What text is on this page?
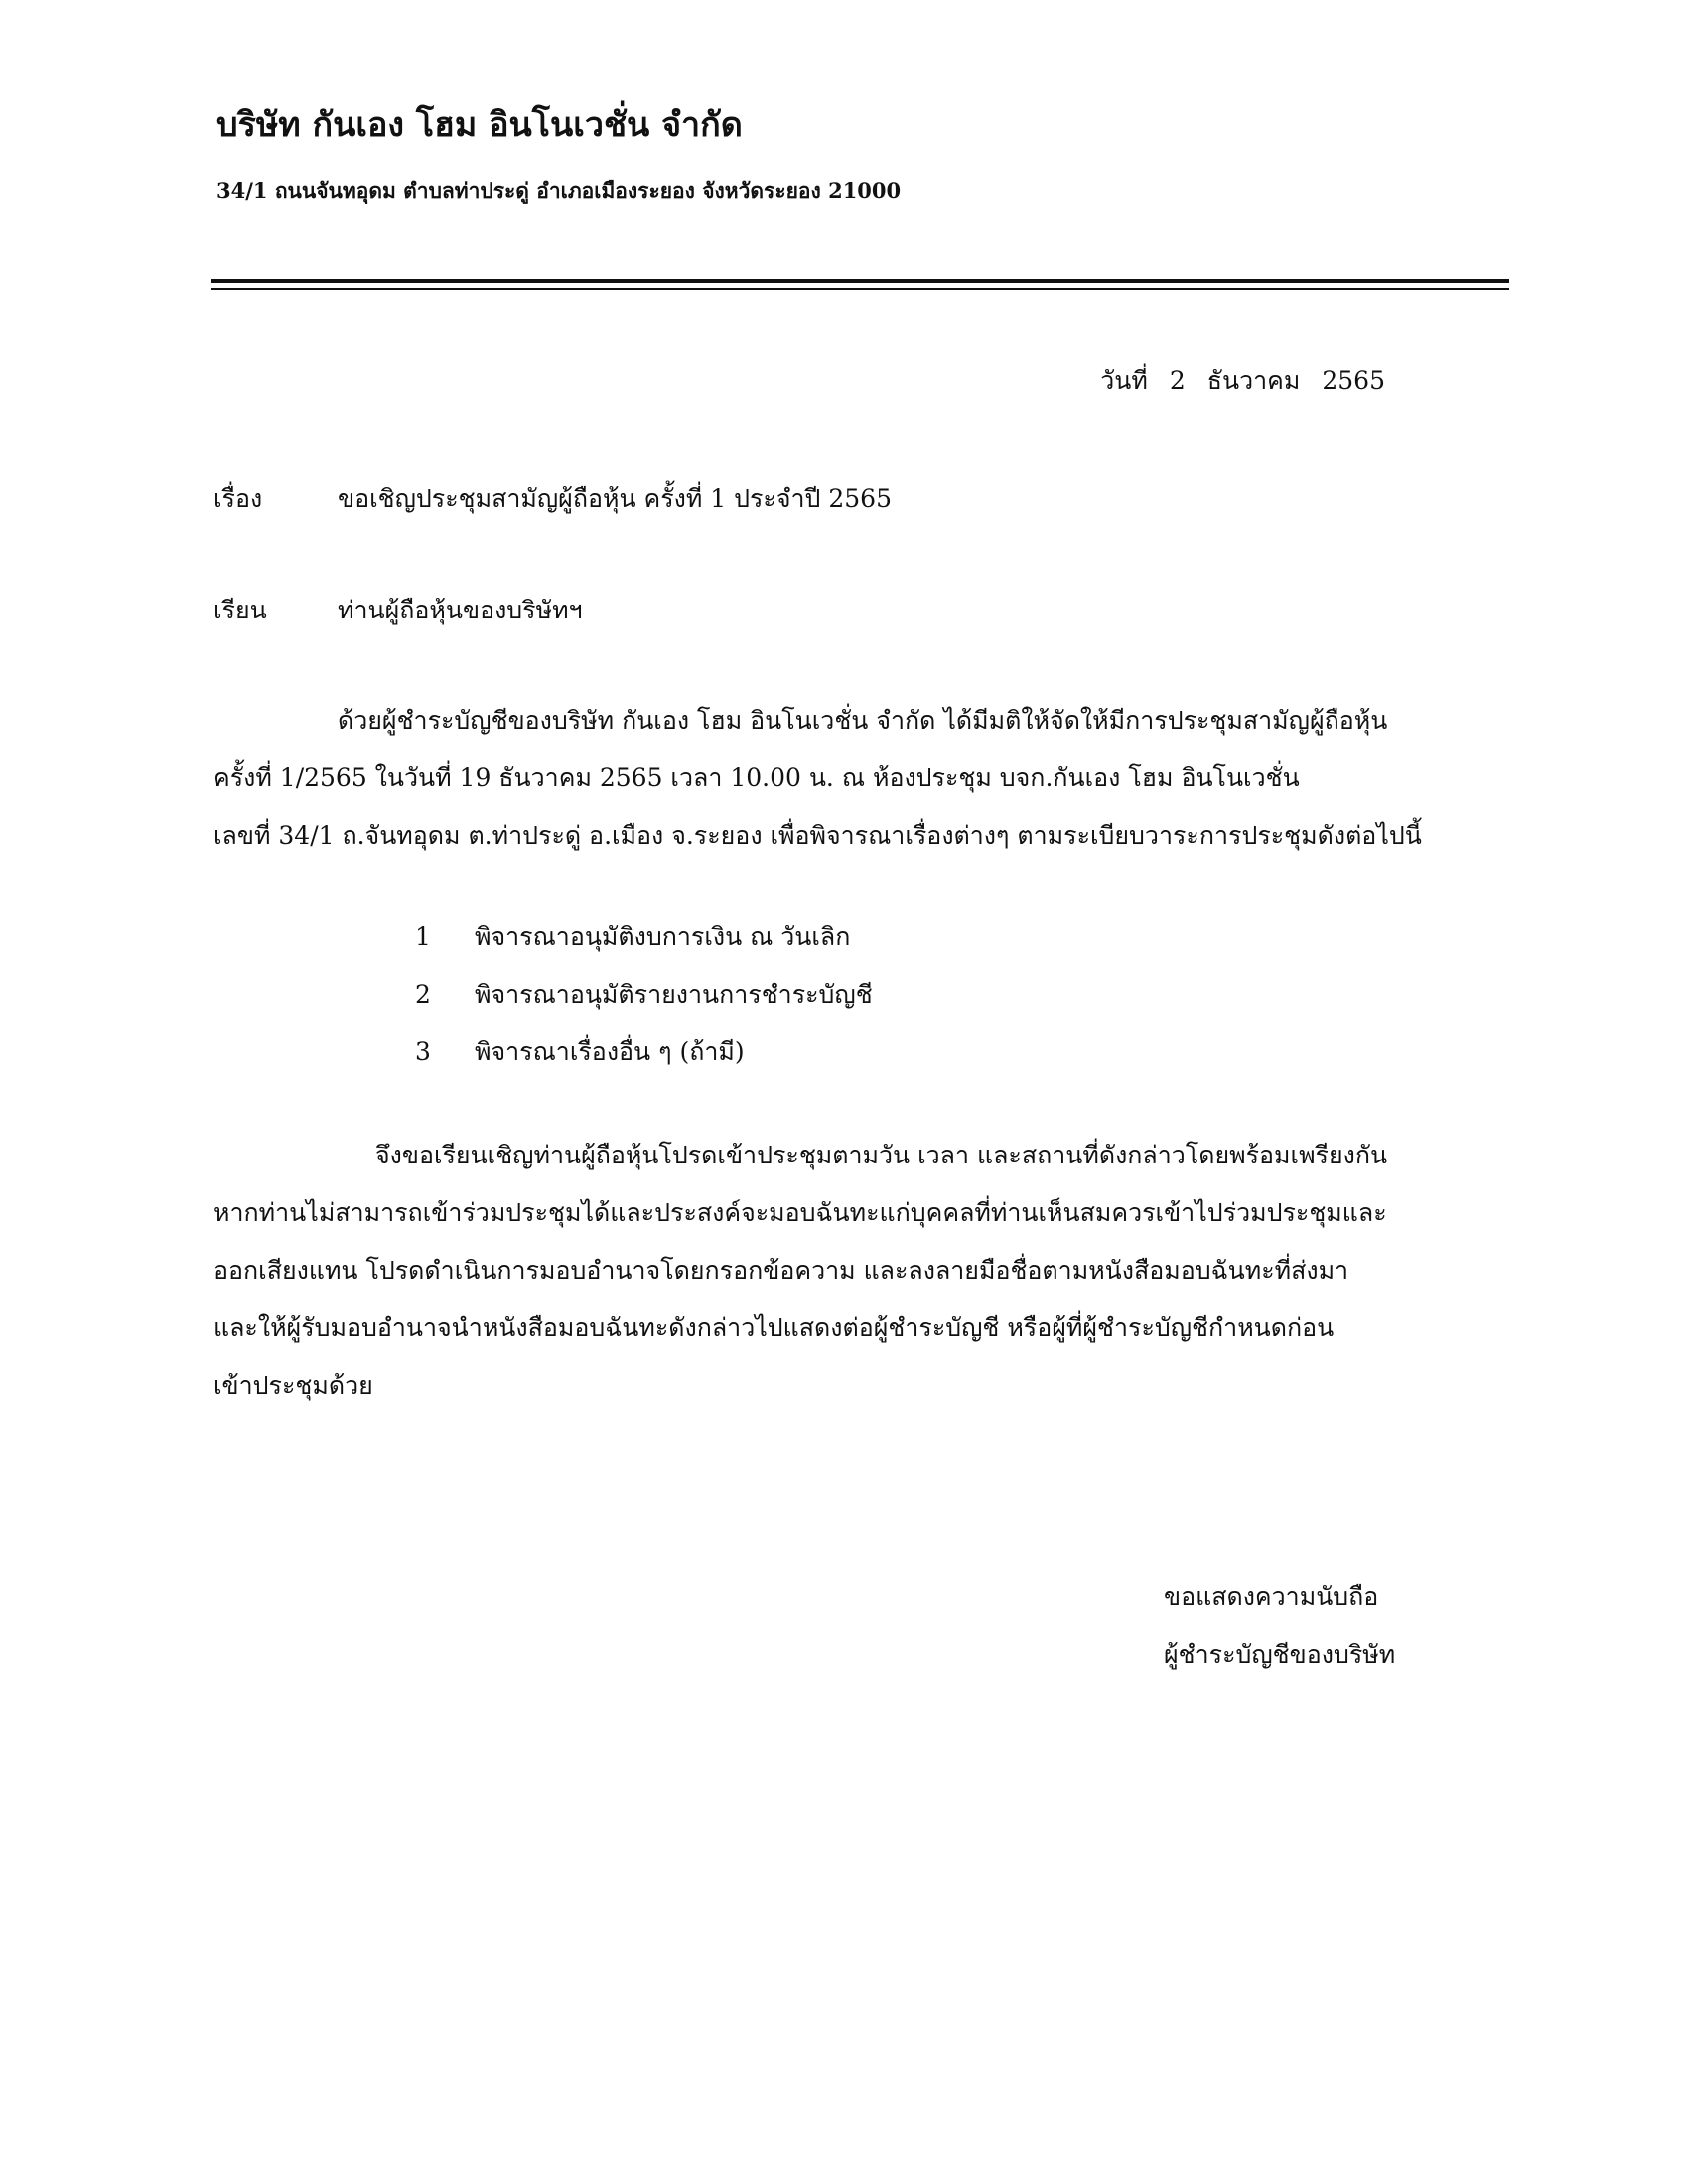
บริษัท กันเอง โฮม อินโนเวชั่น จำกัด
34/1 ถนนจันทอุดม ตำบลท่าประดู่ อำเภอเมืองระยอง จังหวัดระยอง 21000
วันที่ 2 ธันวาคม 2565
เรื่อง	ขอเชิญประชุมสามัญผู้ถือหุ้น ครั้งที่ 1 ประจำปี 2565
เรียน	ท่านผู้ถือหุ้นของบริษัทฯ
ด้วยผู้ชำระบัญชีของบริษัท กันเอง โฮม อินโนเวชั่น จำกัด ได้มีมติให้จัดให้มีการประชุมสามัญผู้ถือหุ้น
ครั้งที่ 1/2565 ในวันที่ 19 ธันวาคม 2565 เวลา 10.00 น. ณ ห้องประชุม บจก.กันเอง โฮม อินโนเวชั่น
เลขที่ 34/1 ถ.จันทอุดม ต.ท่าประดู่ อ.เมือง จ.ระยอง เพื่อพิจารณาเรื่องต่างๆ ตามระเบียบวาระการประชุมดังต่อไปนี้
1 พิจารณาอนุมัติงบการเงิน ณ วันเลิก
2 พิจารณาอนุมัติรายงานการชำระบัญชี
3 พิจารณาเรื่องอื่น ๆ (ถ้ามี)
จึงขอเรียนเชิญท่านผู้ถือหุ้นโปรดเข้าประชุมตามวัน เวลา และสถานที่ดังกล่าวโดยพร้อมเพรียงกัน
หากท่านไม่สามารถเข้าร่วมประชุมได้และประสงค์จะมอบฉันทะแก่บุคคลที่ท่านเห็นสมควรเข้าไปร่วมประชุมและ
ออกเสียงแทน โปรดดำเนินการมอบอำนาจโดยกรอกข้อความ และลงลายมือชื่อตามหนังสือมอบฉันทะที่ส่งมา
และให้ผู้รับมอบอำนาจนำหนังสือมอบฉันทะดังกล่าวไปแสดงต่อผู้ชำระบัญชี หรือผู้ที่ผู้ชำระบัญชีกำหนดก่อน
เข้าประชุมด้วย
ขอแสดงความนับถือ
ผู้ชำระบัญชีของบริษัท
